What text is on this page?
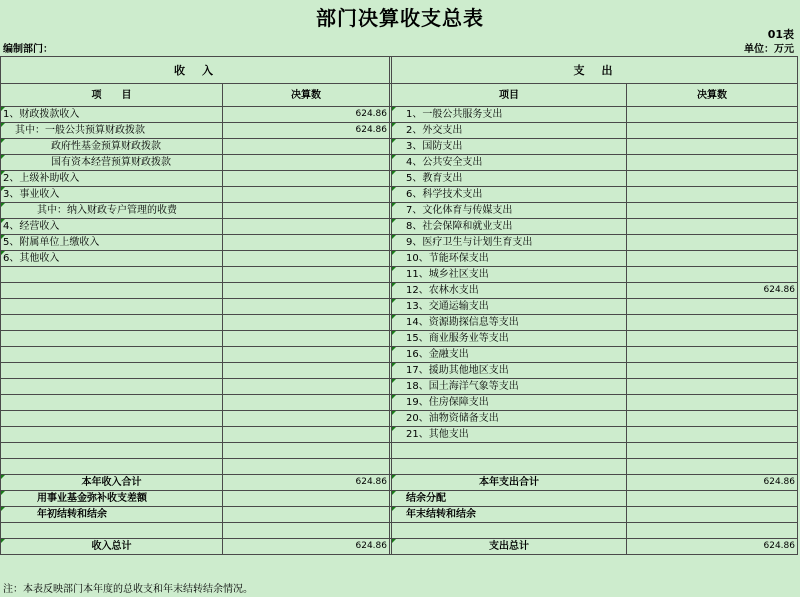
部门决算收支总表
01表
编制部门：	单位：万元
收　入			支　出	
项　　目	决算数		项目	决算数
1、财政拨款收入	624.86		1、一般公共服务支出	
其中：一般公共预算财政拨款	624.86		2、外交支出	
政府性基金预算财政拨款			3、国防支出	
国有资本经营预算财政拨款			4、公共安全支出	
2、上级补助收入			5、教育支出	
3、事业收入			6、科学技术支出	
其中：纳入财政专户管理的收费			7、文化体育与传媒支出	
4、经营收入			8、社会保障和就业支出	
5、附属单位上缴收入			9、医疗卫生与计划生育支出	
6、其他收入			10、节能环保支出	
			11、城乡社区支出	
			12、农林水支出	624.86
			13、交通运输支出	
			14、资源勘探信息等支出	
			15、商业服务业等支出	
			16、金融支出	
			17、援助其他地区支出	
			18、国土海洋气象等支出	
			19、住房保障支出	
			20、油物资储备支出	
			21、其他支出	

本年收入合计	624.86		本年支出合计	624.86
用事业基金弥补收支差额			结余分配	
年初结转和结余			年末结转和结余	

收入总计	624.86		支出总计	624.86
注：本表反映部门本年度的总收支和年末结转结余情况。
